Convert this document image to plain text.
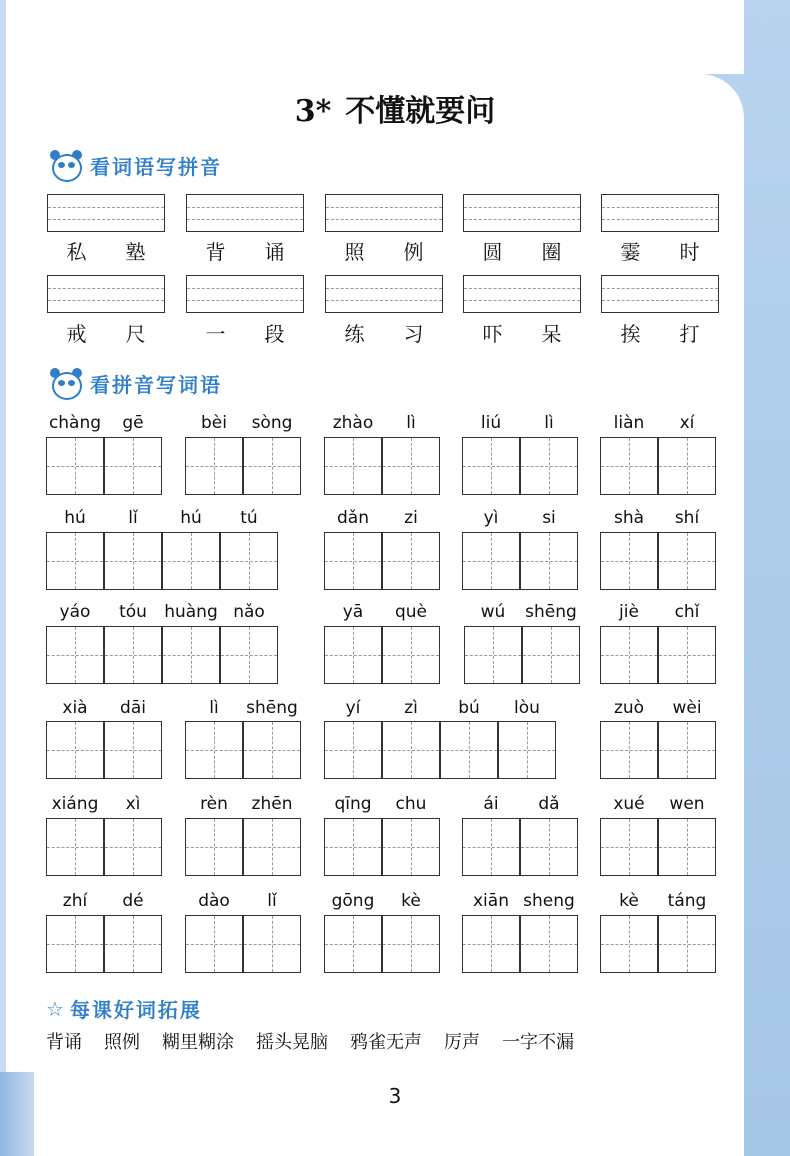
3* 不懂就要问
看词语写拼音
私 塾	背 诵	照 例	圆 圈	霎 时
戒 尺	一 段	练 习	吓 呆	挨 打
看拼音写词语
chàng	gē	bèi	sòng	zhào	lì	liú	lì	liàn	xí
hú	lǐ	hú	tú	dǎn	zi	yì	si	shà	shí
yáo	tóu	huàng nǎo	yā	què	wú	shēng	jiè	chǐ
xià	dāi	lì	shēng	yí	zì	bú	lòu	zuò	wèi
xiáng	xì	rèn	zhēn	qīng	chu	ái	dǎ	xué	wen
zhí	dé	dào	lǐ	gōng	kè	xiān sheng	kè	táng
☆ 每课好词拓展
背诵 照例 糊里糊涂 摇头晃脑 鸦雀无声 厉声 一字不漏
3
